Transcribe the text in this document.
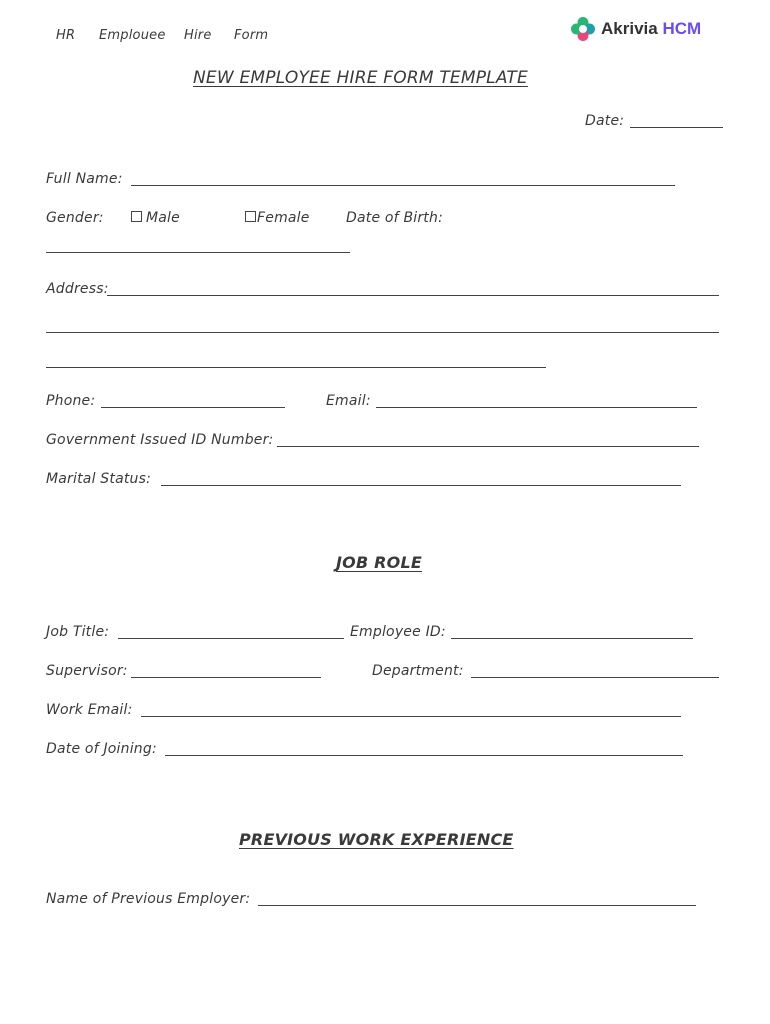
HR Emplouee Hire Form	Akrivia HCM
NEW EMPLOYEE HIRE FORM TEMPLATE
Date:
Full Name:
Gender:	Male	Female	Date of Birth:
Address:
Phone:	Email:
Government Issued ID Number:
Marital Status:
JOB ROLE
Job Title:	Employee ID:
Supervisor:	Department:
Work Email:
Date of Joining:
PREVIOUS WORK EXPERIENCE
Name of Previous Employer:
